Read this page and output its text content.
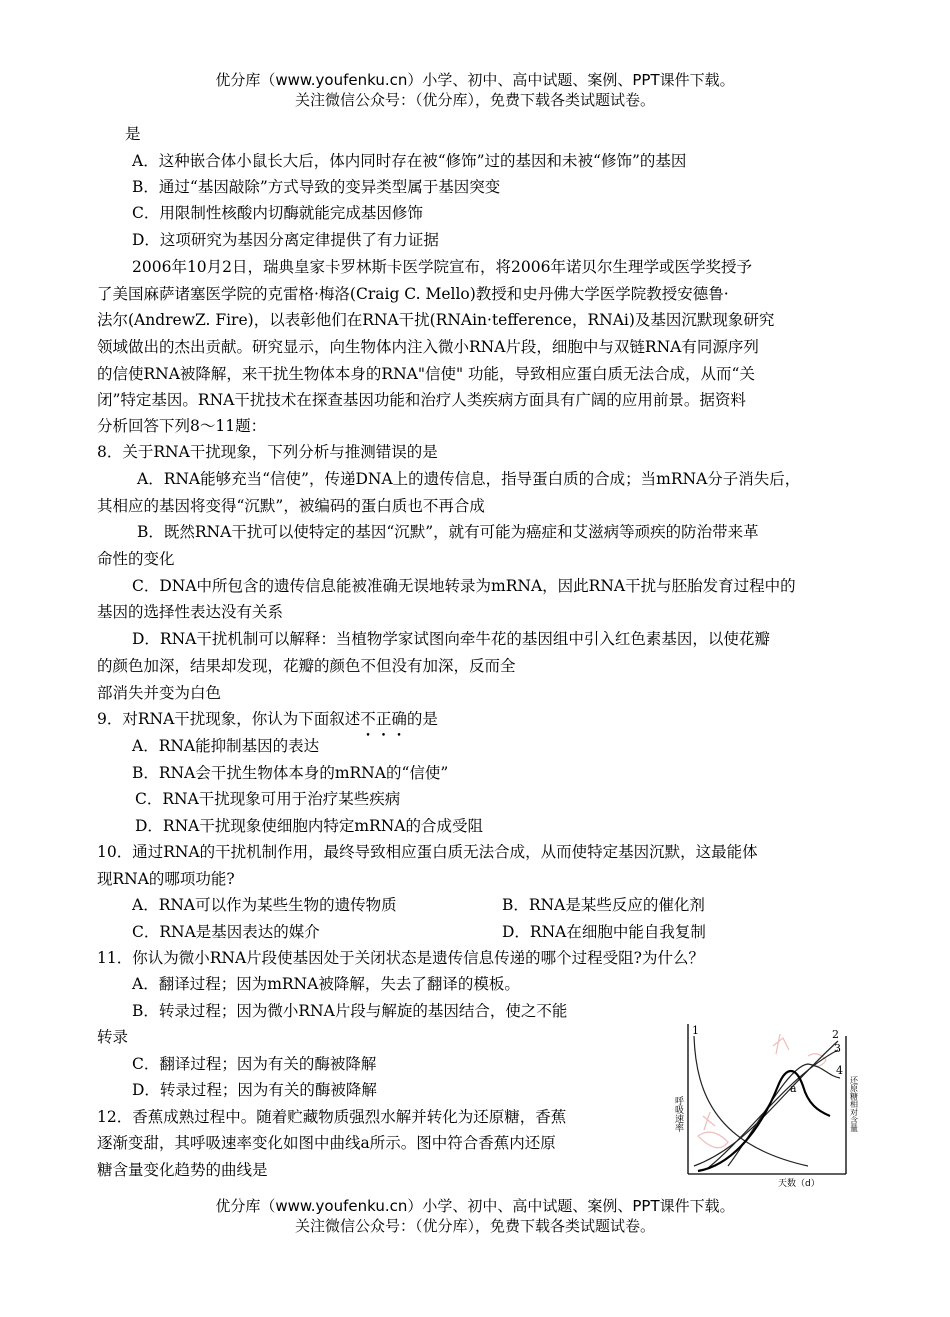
优分库（www.youfenku.cn）小学、初中、高中试题、案例、PPT课件下载。
关注微信公众号：（优分库），免费下载各类试题试卷。
是
A．这种嵌合体小鼠长大后，体内同时存在被“修饰”过的基因和未被“修饰”的基因
B．通过“基因敲除”方式导致的变异类型属于基因突变
C．用限制性核酸内切酶就能完成基因修饰
D．这项研究为基因分离定律提供了有力证据
2006年10月2日，瑞典皇家卡罗林斯卡医学院宣布，将2006年诺贝尔生理学或医学奖授予
了美国麻萨诸塞医学院的克雷格·梅洛(Craig C. Mello)教授和史丹佛大学医学院教授安德鲁·
法尔(AndrewZ. Fire)，以表彰他们在RNA干扰(RNAin·tefference，RNAi)及基因沉默现象研究
领域做出的杰出贡献。研究显示，向生物体内注入微小RNA片段，细胞中与双链RNA有同源序列
的信使RNA被降解，来干扰生物体本身的RNA"信使" 功能，导致相应蛋白质无法合成，从而“关
闭”特定基因。RNA干扰技术在探查基因功能和治疗人类疾病方面具有广阔的应用前景。据资料
分析回答下列8～11题：
8．关于RNA干扰现象，下列分析与推测错误的是
A．RNA能够充当“信使”，传递DNA上的遗传信息，指导蛋白质的合成；当mRNA分子消失后，
其相应的基因将变得“沉默”，被编码的蛋白质也不再合成
B．既然RNA干扰可以使特定的基因“沉默”，就有可能为癌症和艾滋病等顽疾的防治带来革
命性的变化
C．DNA中所包含的遗传信息能被准确无误地转录为mRNA，因此RNA干扰与胚胎发育过程中的
基因的选择性表达没有关系
D．RNA干扰机制可以解释：当植物学家试图向牵牛花的基因组中引入红色素基因，以使花瓣
的颜色加深，结果却发现，花瓣的颜色不但没有加深，反而全
部消失并变为白色
9．对RNA干扰现象，你认为下面叙述不正确的是
A．RNA能抑制基因的表达
B．RNA会干扰生物体本身的mRNA的“信使”
C．RNA干扰现象可用于治疗某些疾病
D．RNA干扰现象使细胞内特定mRNA的合成受阻
10．通过RNA的干扰机制作用，最终导致相应蛋白质无法合成，从而使特定基因沉默，这最能体
现RNA的哪项功能?
A．RNA可以作为某些生物的遗传物质	B．RNA是某些反应的催化剂
C．RNA是基因表达的媒介	D．RNA在细胞中能自我复制
11．你认为微小RNA片段使基因处于关闭状态是遗传信息传递的哪个过程受阻?为什么？
A．翻译过程；因为mRNA被降解，失去了翻译的模板。
B．转录过程；因为微小RNA片段与解旋的基因结合，使之不能
转录
C．翻译过程；因为有关的酶被降解
D．转录过程；因为有关的酶被降解
12．香蕉成熟过程中。随着贮藏物质强烈水解并转化为还原糖，香蕉
逐渐变甜，其呼吸速率变化如图中曲线a所示。图中符合香蕉内还原
糖含量变化趋势的曲线是
1	2
3
4
a
呼吸速率	还原糖相对含量
天数（d）
优分库（www.youfenku.cn）小学、初中、高中试题、案例、PPT课件下载。
关注微信公众号：（优分库），免费下载各类试题试卷。
